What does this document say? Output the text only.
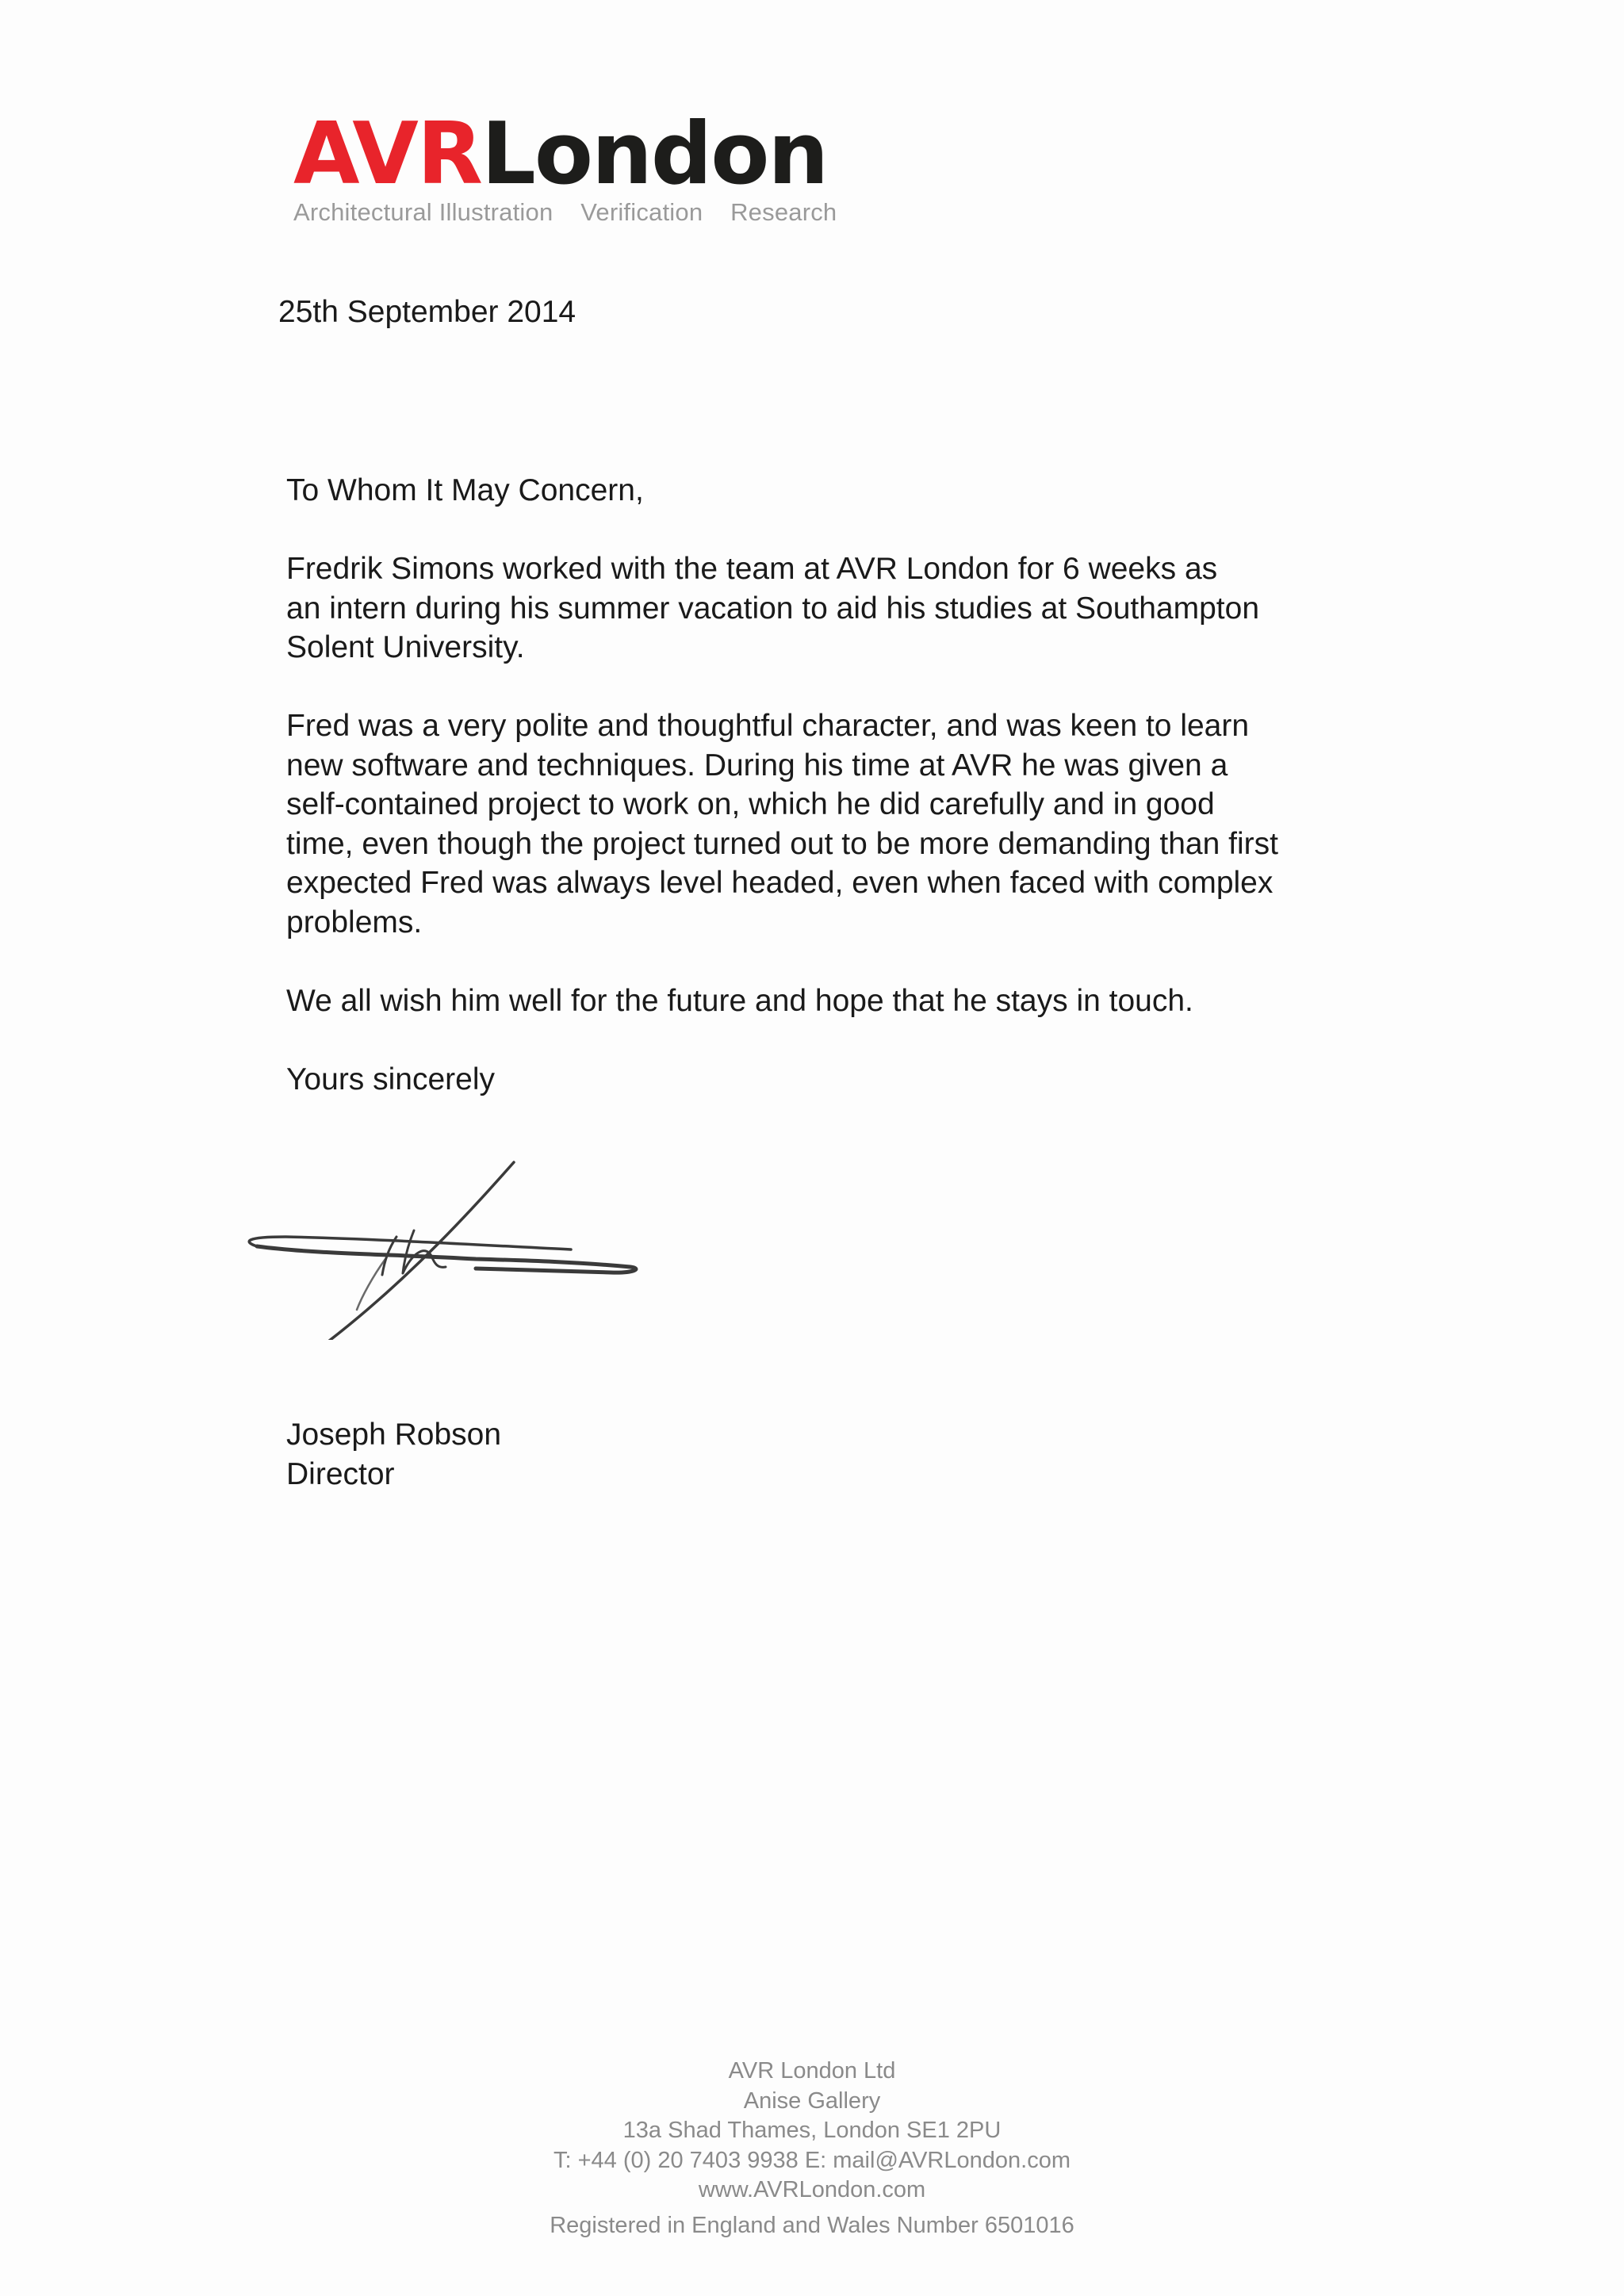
AVRLondon
Architectural Illustration Verification Research
25th September 2014

To Whom It May Concern,

Fredrik Simons worked with the team at AVR London for 6 weeks as
an intern during his summer vacation to aid his studies at Southampton
Solent University.

Fred was a very polite and thoughtful character, and was keen to learn
new software and techniques. During his time at AVR he was given a
self-contained project to work on, which he did carefully and in good
time, even though the project turned out to be more demanding than first
expected Fred was always level headed, even when faced with complex
problems.

We all wish him well for the future and hope that he stays in touch.

Yours sincerely

Joseph Robson
Director
AVR London Ltd
Anise Gallery
13a Shad Thames, London SE1 2PU
T: +44 (0) 20 7403 9938 E: mail@AVRLondon.com
www.AVRLondon.com
Registered in England and Wales Number 6501016
